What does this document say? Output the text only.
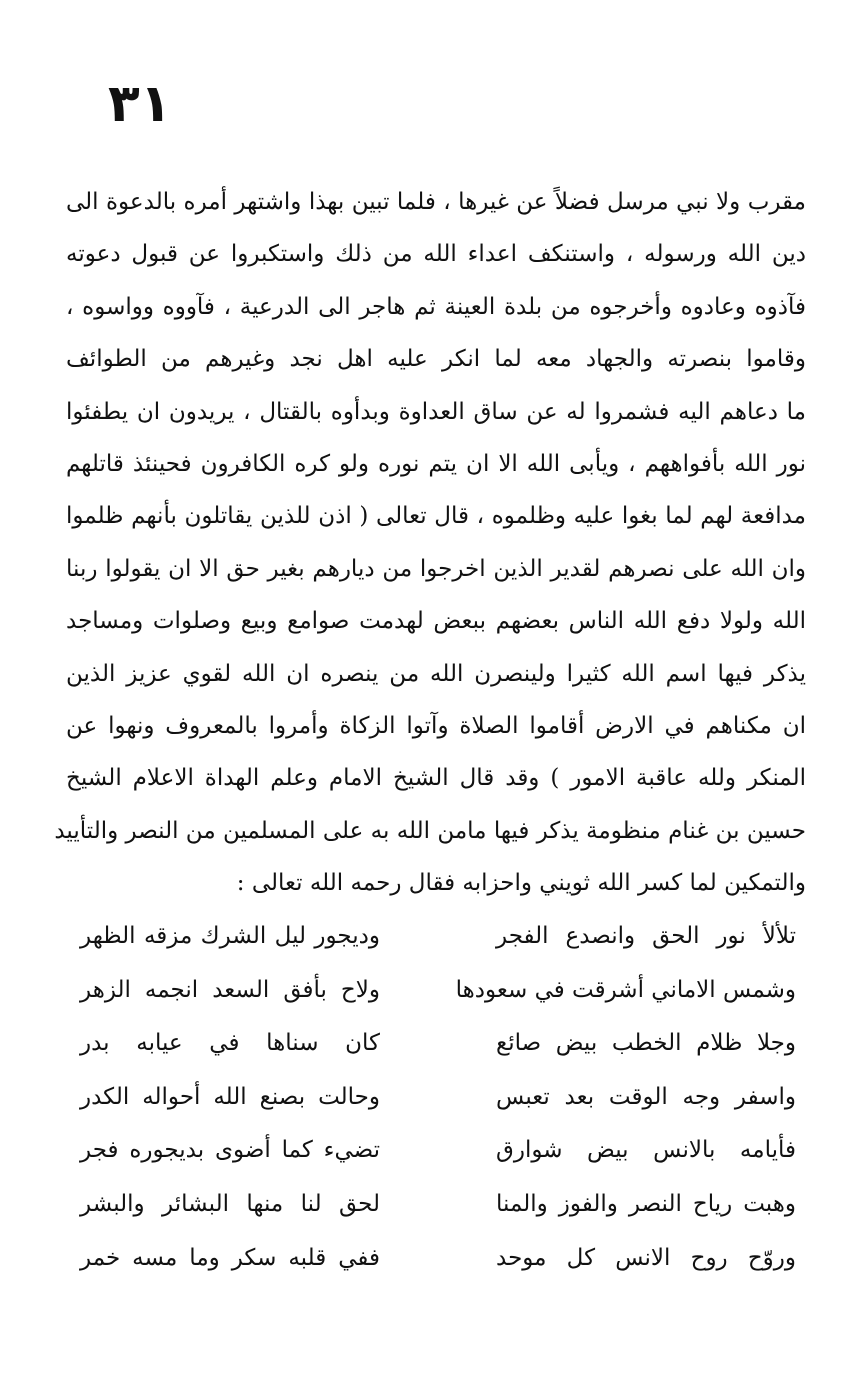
٣١
مقرب ولا نبي مرسل فضلاً عن غيرها ، فلما تبين بهذا واشتهر أمره بالدعوة الى
دين الله ورسوله ، واستنكف اعداء الله من ذلك واستكبروا عن قبول دعوته
فآذوه وعادوه وأخرجوه من بلدة العينة ثم هاجر الى الدرعية ، فآووه وواسوه ،
وقاموا بنصرته والجهاد معه لما انكر عليه اهل نجد وغيرهم من الطوائف
ما دعاهم اليه فشمروا له عن ساق العداوة وبدأوه بالقتال ، يريدون ان يطفئوا
نور الله بأفواههم ، ويأبى الله الا ان يتم نوره ولو كره الكافرون فحينئذ قاتلهم
مدافعة لهم لما بغوا عليه وظلموه ، قال تعالى ( اذن للذين يقاتلون بأنهم ظلموا
وان الله على نصرهم لقدير الذين اخرجوا من ديارهم بغير حق الا ان يقولوا ربنا
الله ولولا دفع الله الناس بعضهم ببعض لهدمت صوامع وبيع وصلوات ومساجد
يذكر فيها اسم الله كثيرا ولينصرن الله من ينصره ان الله لقوي عزيز الذين
ان مكناهم في الارض أقاموا الصلاة وآتوا الزكاة وأمروا بالمعروف ونهوا عن
المنكر ولله عاقبة الامور ) وقد قال الشيخ الامام وعلم الهداة الاعلام الشيخ
حسين بن غنام منظومة يذكر فيها مامن الله به على المسلمين من النصر والتأييد
والتمكين لما كسر الله ثويني واحزابه فقال رحمه الله تعالى :
تلألأ نور الحق وانصدع الفجر
وديجور ليل الشرك مزقه الظهر
وشمس الاماني أشرقت في سعودها
ولاح بأفق السعد انجمه الزهر
وجلا ظلام الخطب بيض صائع
كان سناها في عيابه بدر
واسفر وجه الوقت بعد تعبس
وحالت بصنع الله أحواله الكدر
فأيامه بالانس بيض شوارق
تضيء كما أضوى بديجوره فجر
وهبت رياح النصر والفوز والمنا
لحق لنا منها البشائر والبشر
وروّح روح الانس كل موحد
ففي قلبه سكر وما مسه خمر
